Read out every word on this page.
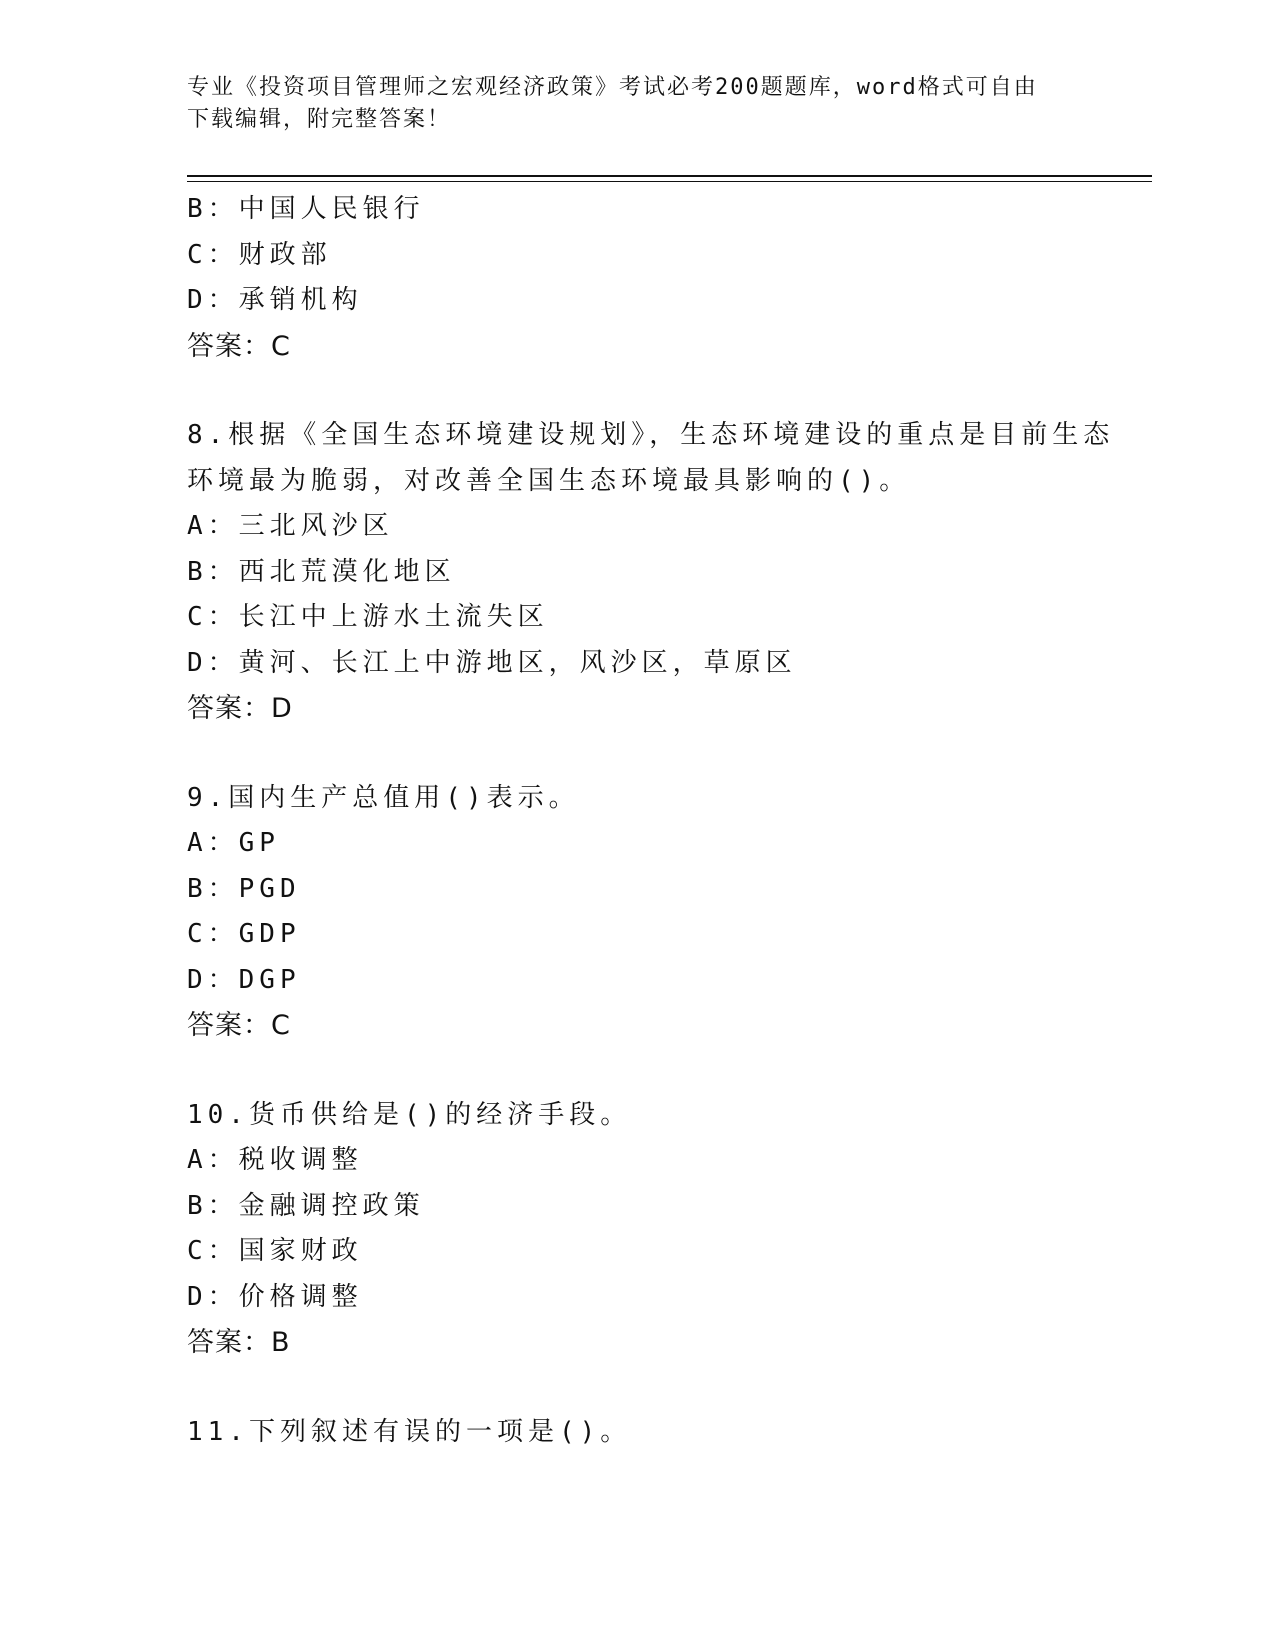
专业《投资项目管理师之宏观经济政策》考试必考200题题库，word格式可自由
下载编辑，附完整答案！
B：中国人民银行
C：财政部
D：承销机构
答案：C
8.根据《全国生态环境建设规划》，生态环境建设的重点是目前生态
环境最为脆弱，对改善全国生态环境最具影响的()。
A：三北风沙区
B：西北荒漠化地区
C：长江中上游水土流失区
D：黄河、长江上中游地区，风沙区，草原区
答案：D
9.国内生产总值用()表示。
A：GP
B：PGD
C：GDP
D：DGP
答案：C
10.货币供给是()的经济手段。
A：税收调整
B：金融调控政策
C：国家财政
D：价格调整
答案：B
11.下列叙述有误的一项是()。
